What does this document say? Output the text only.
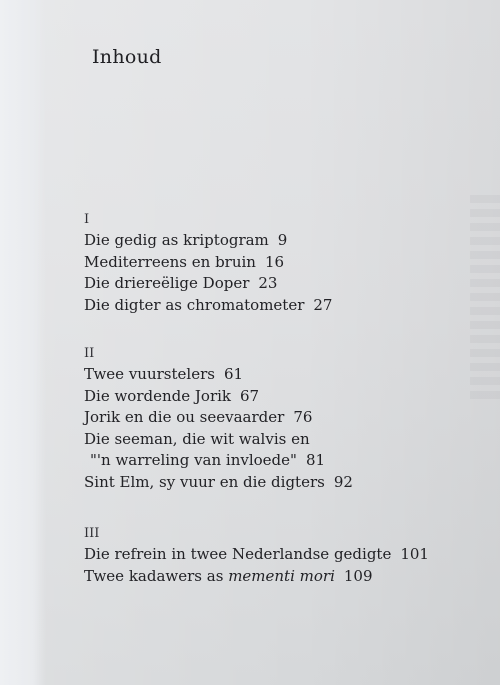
Inhoud
I
Die gedig as kriptogram 9
Mediterreens en bruin 16
Die drierеëlige Doper 23
Die digter as chromatometer 27
II
Twee vuurstelers 61
Die wordende Jorik 67
Jorik en die ou seevaarder 76
Die seeman, die wit walvis en
"'n warreling van invloede" 81
Sint Elm, sy vuur en die digters 92
III
Die refrein in twee Nederlandse gedigte 101
Twee kadawers as mementi mori 109
